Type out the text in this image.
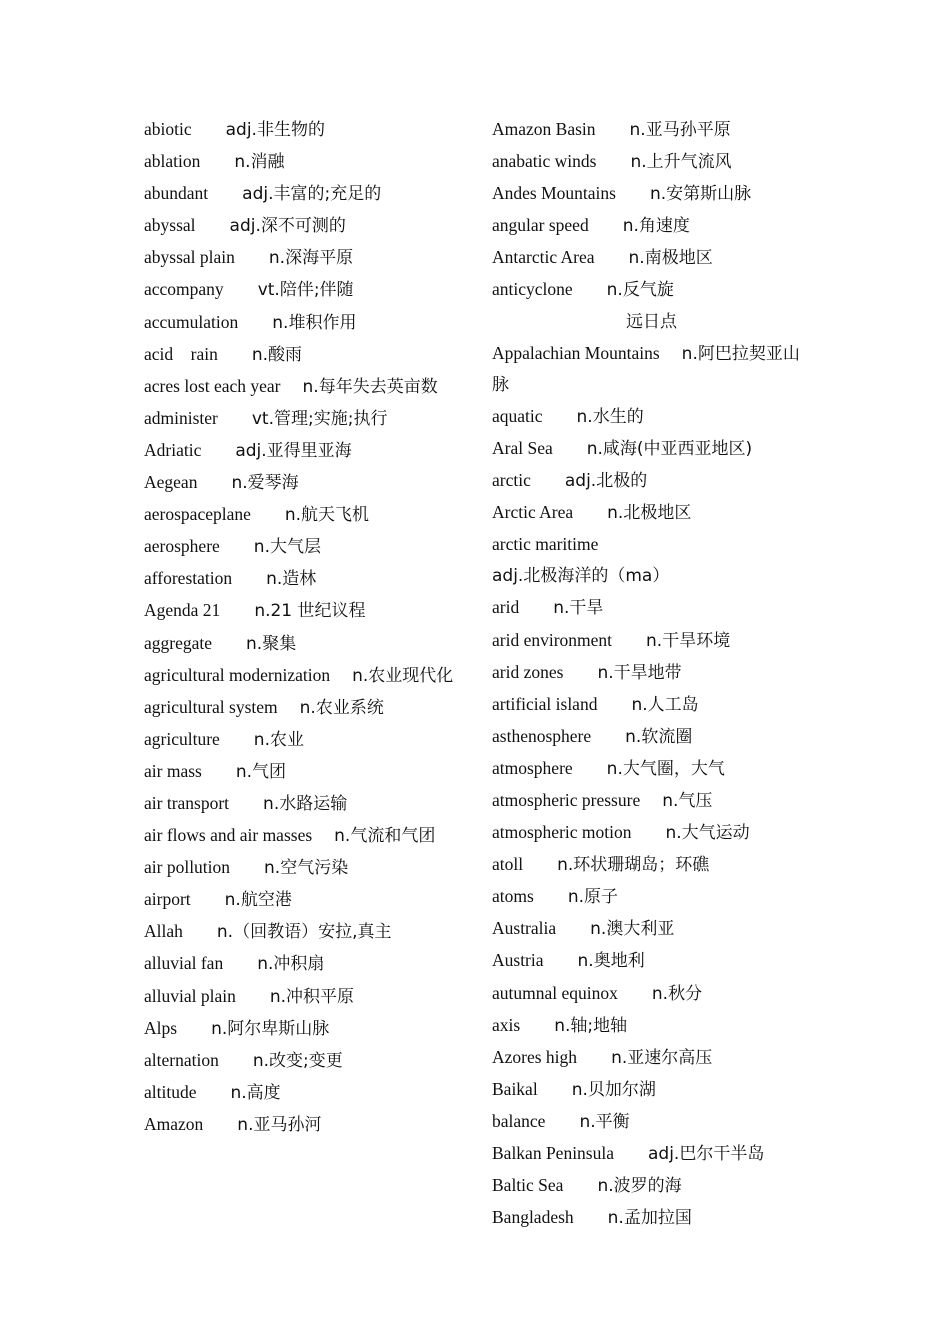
abiotic adj.非生物的
ablation n.消融
abundant adj.丰富的;充足的
abyssal adj.深不可测的
abyssal plain n.深海平原
accompany vt.陪伴;伴随
accumulation n.堆积作用
acid    rain n.酸雨
acres lost each year n.每年失去英亩数
administer vt.管理;实施;执行
Adriatic adj.亚得里亚海
Aegean n.爱琴海
aerospaceplane n.航天飞机
aerosphere n.大气层
afforestation n.造林
Agenda 21 n.21 世纪议程
aggregate n.聚集
agricultural modernization n.农业现代化
agricultural system n.农业系统
agriculture n.农业
air mass n.气团
air transport n.水路运输
air flows and air masses n.气流和气团
air pollution n.空气污染
airport n.航空港
Allah n.（回教语）安拉,真主
alluvial fan n.冲积扇
alluvial plain n.冲积平原
Alps n.阿尔卑斯山脉
alternation n.改变;变更
altitude n.高度
Amazon n.亚马孙河
Amazon Basin n.亚马孙平原
anabatic winds n.上升气流风
Andes Mountains n.安第斯山脉
angular speed n.角速度
Antarctic Area n.南极地区
anticyclone n.反气旋
远日点
Appalachian Mountains n.阿巴拉契亚山脉
aquatic n.水生的
Aral Sea n.咸海(中亚西亚地区)
arctic adj.北极的
Arctic Area n.北极地区
arctic maritimeadj.北极海洋的（ma）
arid n.干旱
arid environment n.干旱环境
arid zones n.干旱地带
artificial island n.人工岛
asthenosphere n.软流圈
atmosphere n.大气圈，大气
atmospheric pressure n.气压
atmospheric motion n.大气运动
atoll n.环状珊瑚岛；环礁
atoms n.原子
Australia n.澳大利亚
Austria n.奥地利
autumnal equinox n.秋分
axis n.轴;地轴
Azores high n.亚速尔高压
Baikal n.贝加尔湖
balance n.平衡
Balkan Peninsula adj.巴尔干半岛
Baltic Sea n.波罗的海
Bangladesh n.孟加拉国
